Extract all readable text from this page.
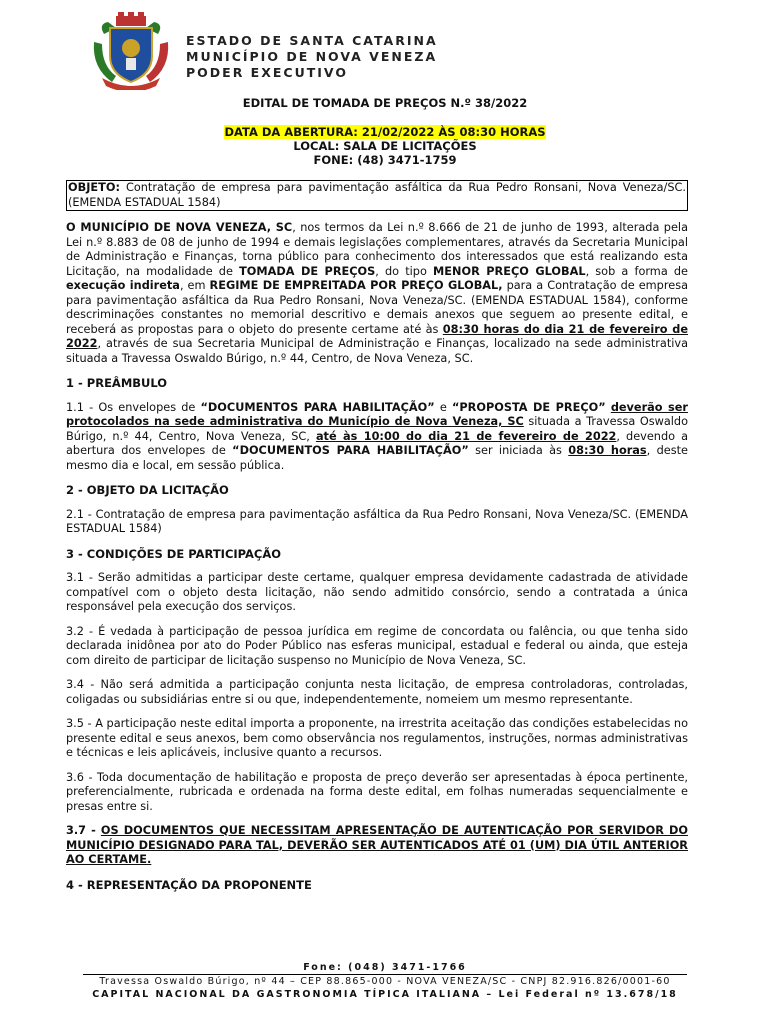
ESTADO DE SANTA CATARINA
MUNICÍPIO DE NOVA VENEZA
PODER EXECUTIVO
EDITAL DE TOMADA DE PREÇOS N.º 38/2022
DATA DA ABERTURA: 21/02/2022 ÀS 08:30 HORAS
LOCAL: SALA DE LICITAÇÕES
FONE: (48) 3471-1759
OBJETO: Contratação de empresa para pavimentação asfáltica da Rua Pedro Ronsani, Nova Veneza/SC. (EMENDA ESTADUAL 1584)

O MUNICÍPIO DE NOVA VENEZA, SC, nos termos da Lei n.º 8.666 de 21 de junho de 1993, alterada pela Lei n.º 8.883 de 08 de junho de 1994 e demais legislações complementares, através da Secretaria Municipal de Administração e Finanças, torna público para conhecimento dos interessados que está realizando esta Licitação, na modalidade de TOMADA DE PREÇOS, do tipo MENOR PREÇO GLOBAL, sob a forma de execução indireta, em REGIME DE EMPREITADA POR PREÇO GLOBAL, para a Contratação de empresa para pavimentação asfáltica da Rua Pedro Ronsani, Nova Veneza/SC. (EMENDA ESTADUAL 1584), conforme descriminações constantes no memorial descritivo e demais anexos que seguem ao presente edital, e receberá as propostas para o objeto do presente certame até às 08:30 horas do dia 21 de fevereiro de 2022, através de sua Secretaria Municipal de Administração e Finanças, localizado na sede administrativa situada a Travessa Oswaldo Búrigo, n.º 44, Centro, de Nova Veneza, SC.

1 - PREÂMBULO

1.1 - Os envelopes de “DOCUMENTOS PARA HABILITAÇÃO” e “PROPOSTA DE PREÇO” deverão ser protocolados na sede administrativa do Município de Nova Veneza, SC situada a Travessa Oswaldo Búrigo, n.º 44, Centro, Nova Veneza, SC, até às 10:00 do dia 21 de fevereiro de 2022, devendo a abertura dos envelopes de “DOCUMENTOS PARA HABILITAÇÃO” ser iniciada às 08:30 horas, deste mesmo dia e local, em sessão pública.

2 - OBJETO DA LICITAÇÃO

2.1 - Contratação de empresa para pavimentação asfáltica da Rua Pedro Ronsani, Nova Veneza/SC. (EMENDA ESTADUAL 1584)

3 - CONDIÇÕES DE PARTICIPAÇÃO

3.1 - Serão admitidas a participar deste certame, qualquer empresa devidamente cadastrada de atividade compatível com o objeto desta licitação, não sendo admitido consórcio, sendo a contratada a única responsável pela execução dos serviços.

3.2 - É vedada à participação de pessoa jurídica em regime de concordata ou falência, ou que tenha sido declarada inidônea por ato do Poder Público nas esferas municipal, estadual e federal ou ainda, que esteja com direito de participar de licitação suspenso no Município de Nova Veneza, SC.

3.4 - Não será admitida a participação conjunta nesta licitação, de empresa controladoras, controladas, coligadas ou subsidiárias entre si ou que, independentemente, nomeiem um mesmo representante.

3.5 - A participação neste edital importa a proponente, na irrestrita aceitação das condições estabelecidas no presente edital e seus anexos, bem como observância nos regulamentos, instruções, normas administrativas e técnicas e leis aplicáveis, inclusive quanto a recursos.

3.6 - Toda documentação de habilitação e proposta de preço deverão ser apresentadas à época pertinente, preferencialmente, rubricada e ordenada na forma deste edital, em folhas numeradas sequencialmente e presas entre si.

3.7 - OS DOCUMENTOS QUE NECESSITAM APRESENTAÇÃO DE AUTENTICAÇÃO POR SERVIDOR DO MUNICÍPIO DESIGNADO PARA TAL, DEVERÃO SER AUTENTICADOS ATÉ 01 (UM) DIA ÚTIL ANTERIOR AO CERTAME.

4 - REPRESENTAÇÃO DA PROPONENTE
Fone: (048) 3471-1766
Travessa Oswaldo Búrigo, nº 44 – CEP 88.865-000 - NOVA VENEZA/SC - CNPJ 82.916.826/0001-60
CAPITAL NACIONAL DA GASTRONOMIA TÍPICA ITALIANA – Lei Federal nº 13.678/18
